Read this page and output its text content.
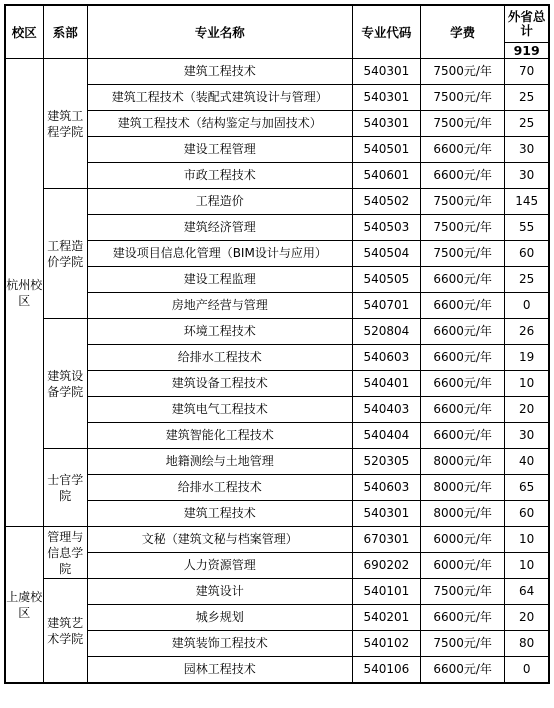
校区	系部	专业名称	专业代码	学费	外省总计
					919
杭州校区	建筑工程学院	建筑工程技术	540301	7500元/年	70
		建筑工程技术（装配式建筑设计与管理）	540301	7500元/年	25
		建筑工程技术（结构鉴定与加固技术）	540301	7500元/年	25
		建设工程管理	540501	6600元/年	30
		市政工程技术	540601	6600元/年	30
	工程造价学院	工程造价	540502	7500元/年	145
		建筑经济管理	540503	7500元/年	55
		建设项目信息化管理（BIM设计与应用）	540504	7500元/年	60
		建设工程监理	540505	6600元/年	25
		房地产经营与管理	540701	6600元/年	0
	建筑设备学院	环境工程技术	520804	6600元/年	26
		给排水工程技术	540603	6600元/年	19
		建筑设备工程技术	540401	6600元/年	10
		建筑电气工程技术	540403	6600元/年	20
		建筑智能化工程技术	540404	6600元/年	30
	士官学院	地籍测绘与土地管理	520305	8000元/年	40
		给排水工程技术	540603	8000元/年	65
		建筑工程技术	540301	8000元/年	60
上虞校区	管理与信息学院	文秘（建筑文秘与档案管理）	670301	6000元/年	10
		人力资源管理	690202	6000元/年	10
	建筑艺术学院	建筑设计	540101	7500元/年	64
		城乡规划	540201	6600元/年	20
		建筑装饰工程技术	540102	7500元/年	80
		园林工程技术	540106	6600元/年	0
